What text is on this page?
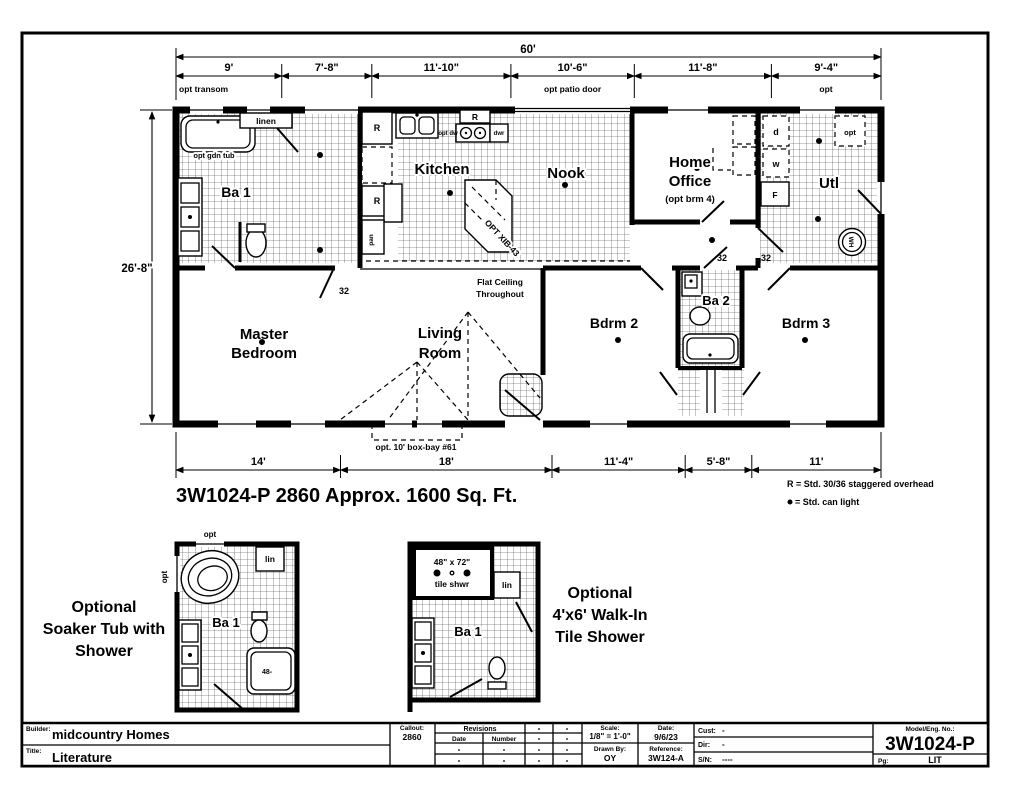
Ba 1
Kitchen	Nook
Home
Office
(opt brm 4)
Utl
Master
Bedroom
Living
Room
Bdrm 2
Ba 2
Bdrm 3
linen
opt gdn tub
R
R
R
opt dw	dwr
pan	OPT XIB-43
Flat Ceiling
Throughout
32
32	32
opt. 10' box-bay #61
d
w
opt
F
WH
60'
9'	7'-8"	11'-10"	10'-6"	11'-8"	9'-4"
opt transom	opt patio door	opt
26'-8"
14'	18'	11'-4"	5'-8"	11'
3W1024-P 2860 Approx. 1600 Sq. Ft.
R = Std. 30/36 staggered overhead
= Std. can light
Optional
Soaker Tub with
Shower
opt
opt
lin
Ba 1
48-
Optional
4'x6' Walk-In
Tile Shower
48" x 72"
tile shwr	lin
Ba 1
Builder: midcountry Homes
Title: Literature
Callout:
2860
Revisions
Date	Number
Scale:
1/8" = 1'-0"
Drawn By:
OY
Date:
9/6/23
Reference:
3W124-A
Cust: -
Dir: -
S/N: ----
Model/Eng. No.:
3W1024-P
Pg:	LIT
